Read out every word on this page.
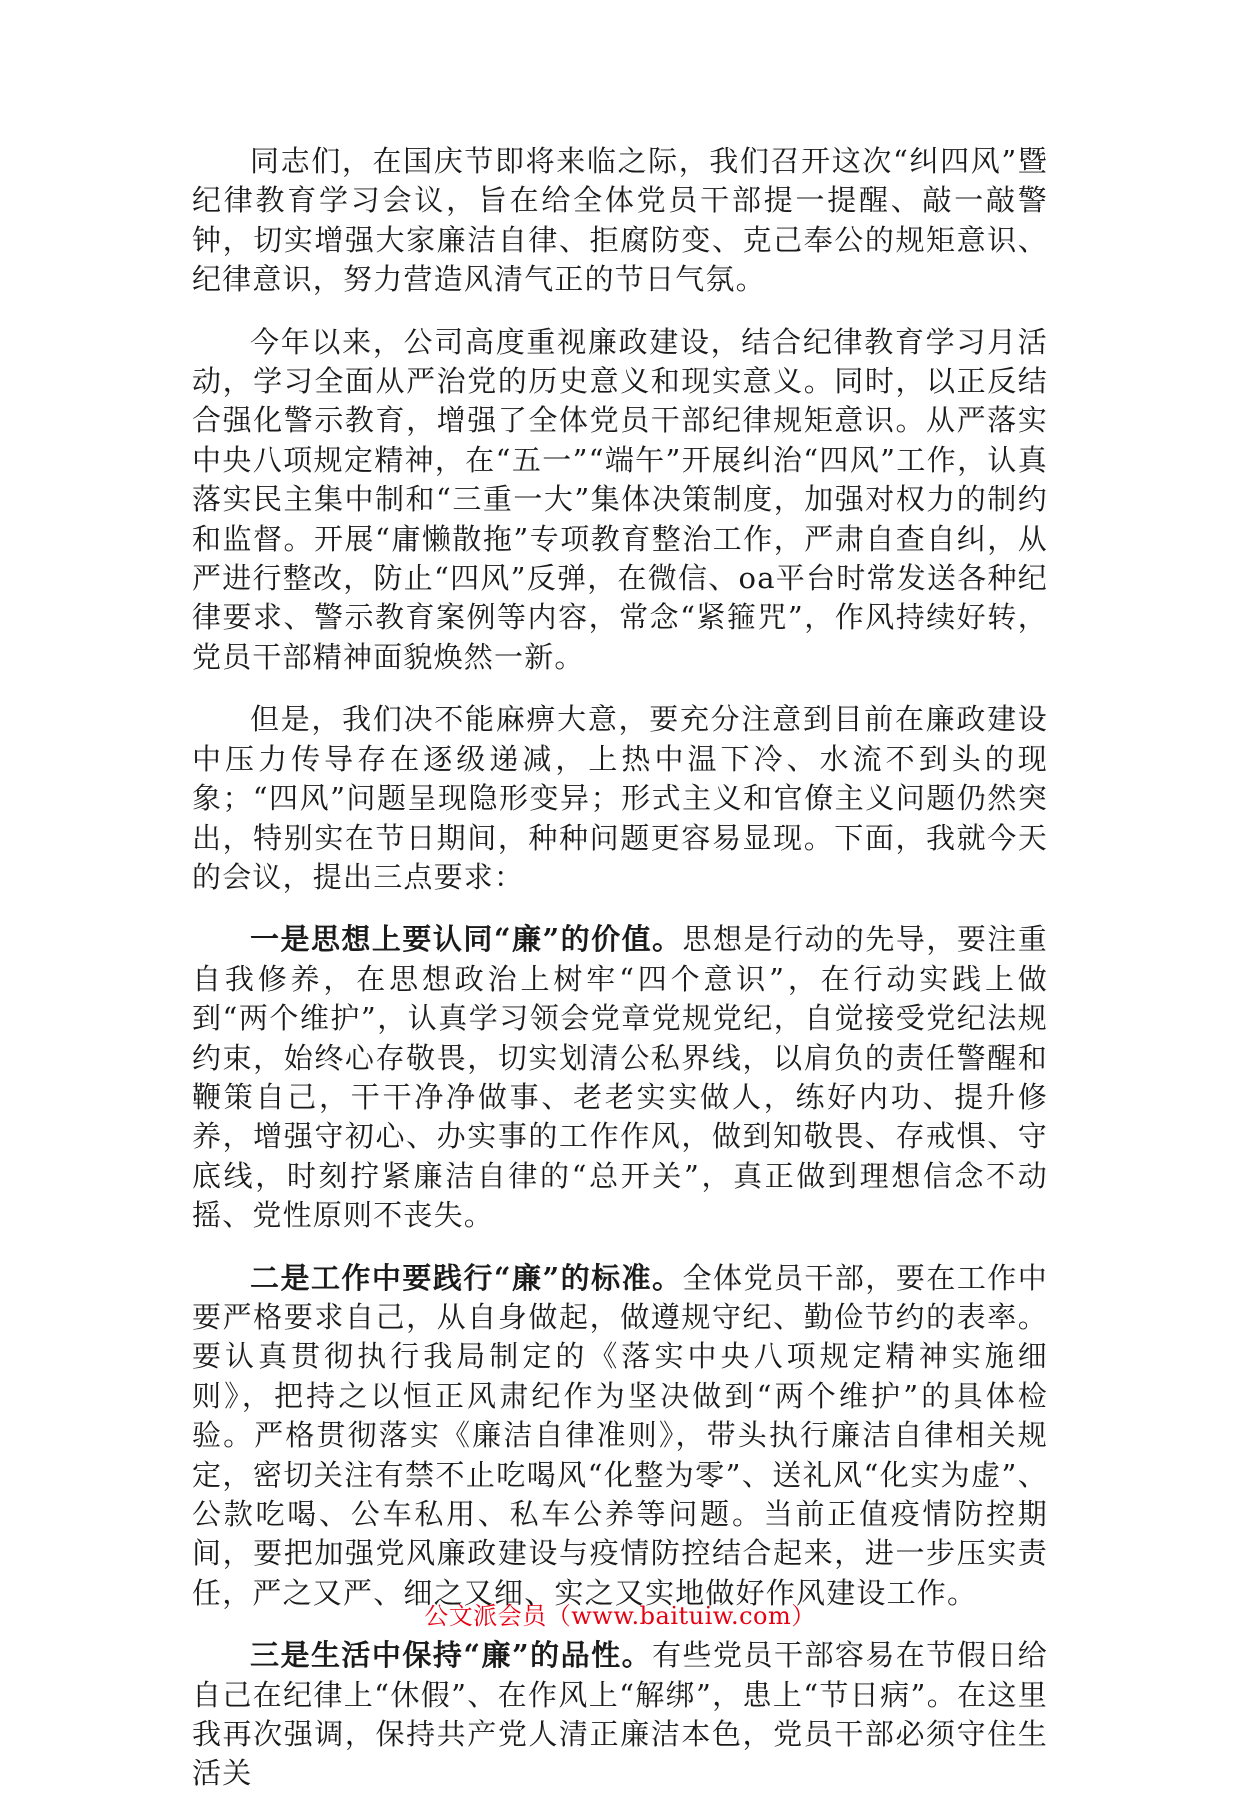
同志们，在国庆节即将来临之际，我们召开这次“纠四风”暨纪律教育学习会议，旨在给全体党员干部提一提醒、敲一敲警钟，切实增强大家廉洁自律、拒腐防变、克己奉公的规矩意识、纪律意识，努力营造风清气正的节日气氛。

今年以来，公司高度重视廉政建设，结合纪律教育学习月活动，学习全面从严治党的历史意义和现实意义。同时，以正反结合强化警示教育，增强了全体党员干部纪律规矩意识。从严落实中央八项规定精神，在“五一”“端午”开展纠治“四风”工作，认真落实民主集中制和“三重一大”集体决策制度，加强对权力的制约和监督。开展“庸懒散拖”专项教育整治工作，严肃自查自纠，从严进行整改，防止“四风”反弹，在微信、oa平台时常发送各种纪律要求、警示教育案例等内容，常念“紧箍咒”，作风持续好转，党员干部精神面貌焕然一新。

但是，我们决不能麻痹大意，要充分注意到目前在廉政建设中压力传导存在逐级递减，上热中温下冷、水流不到头的现象；“四风”问题呈现隐形变异；形式主义和官僚主义问题仍然突出，特别实在节日期间，种种问题更容易显现。下面，我就今天的会议，提出三点要求：

一是思想上要认同“廉”的价值。思想是行动的先导，要注重自我修养，在思想政治上树牢“四个意识”，在行动实践上做到“两个维护”，认真学习领会党章党规党纪，自觉接受党纪法规约束，始终心存敬畏，切实划清公私界线，以肩负的责任警醒和鞭策自己，干干净净做事、老老实实做人，练好内功、提升修养，增强守初心、办实事的工作作风，做到知敬畏、存戒惧、守底线，时刻拧紧廉洁自律的“总开关”，真正做到理想信念不动摇、党性原则不丧失。

二是工作中要践行“廉”的标准。全体党员干部，要在工作中要严格要求自己，从自身做起，做遵规守纪、勤俭节约的表率。要认真贯彻执行我局制定的《落实中央八项规定精神实施细则》，把持之以恒正风肃纪作为坚决做到“两个维护”的具体检验。严格贯彻落实《廉洁自律准则》，带头执行廉洁自律相关规定，密切关注有禁不止吃喝风“化整为零”、送礼风“化实为虚”、公款吃喝、公车私用、私车公养等问题。当前正值疫情防控期间，要把加强党风廉政建设与疫情防控结合起来，进一步压实责任，严之又严、细之又细、实之又实地做好作风建设工作。

三是生活中保持“廉”的品性。有些党员干部容易在节假日给自己在纪律上“休假”、在作风上“解绑”，患上“节日病”。在这里我再次强调，保持共产党人清正廉洁本色，党员干部必须守住生活关

公文派会员（www.baituiw.com）
